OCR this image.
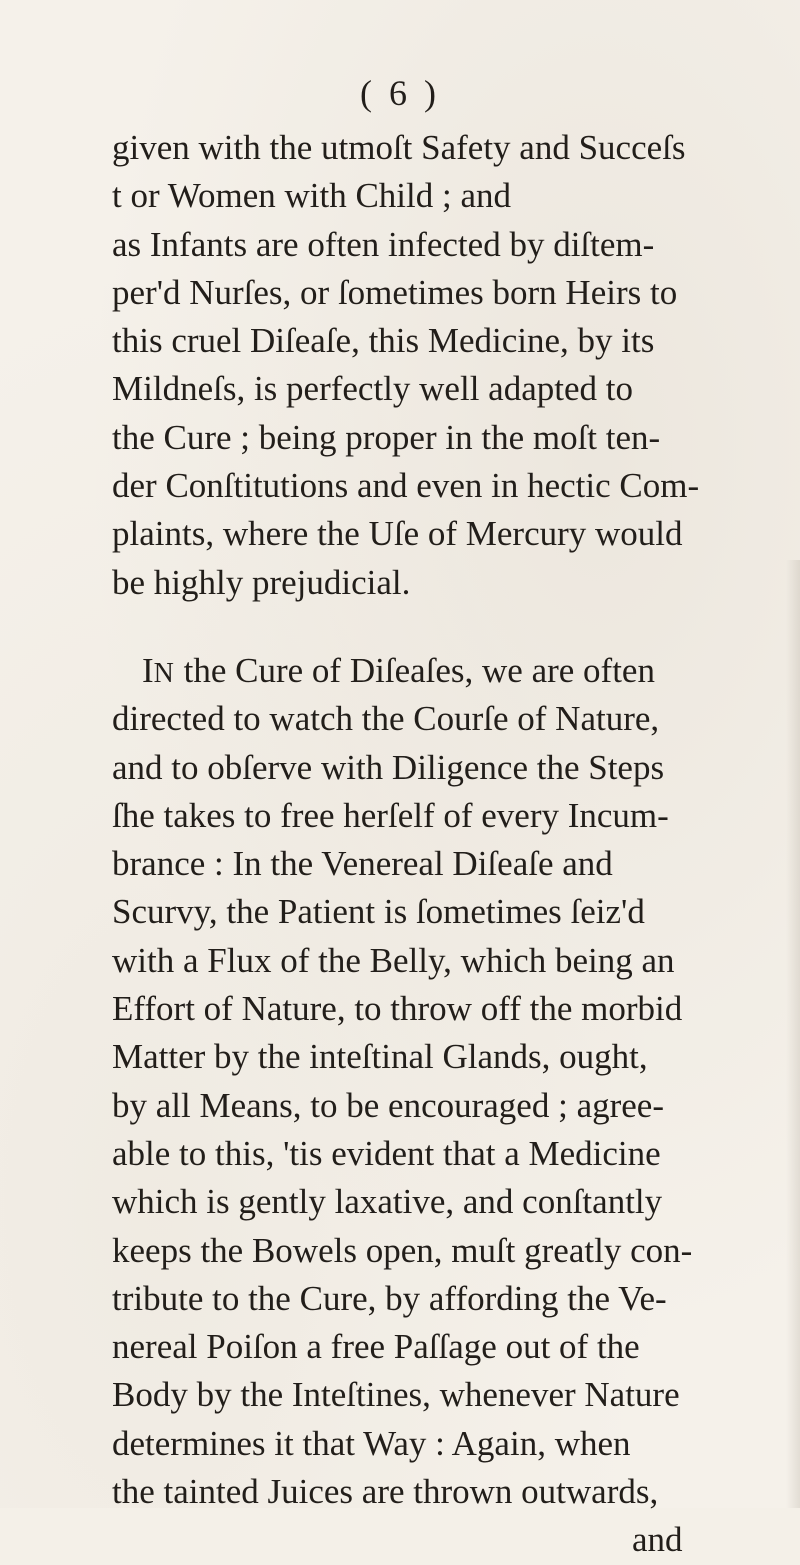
( 6 )
given with the utmoſt Safety and Succeſs
t or Women with Child ; and
as Infants are often infected by diſtem-
per'd Nurſes, or ſometimes born Heirs to
this cruel Diſeaſe, this Medicine, by its
Mildneſs, is perfectly well adapted to
the Cure ; being proper in the moſt ten-
der Conſtitutions and even in hectic Com-
plaints, where the Uſe of Mercury would
be highly prejudicial.
IN the Cure of Diſeaſes, we are often
directed to watch the Courſe of Nature,
and to obſerve with Diligence the Steps
ſhe takes to free herſelf of every Incum-
brance : In the Venereal Diſeaſe and
Scurvy, the Patient is ſometimes ſeiz'd
with a Flux of the Belly, which being an
Effort of Nature, to throw off the morbid
Matter by the inteſtinal Glands, ought,
by all Means, to be encouraged ; agree-
able to this, 'tis evident that a Medicine
which is gently laxative, and conſtantly
keeps the Bowels open, muſt greatly con-
tribute to the Cure, by affording the Ve-
nereal Poiſon a free Paſſage out of the
Body by the Inteſtines, whenever Nature
determines it that Way : Again, when
the tainted Juices are thrown outwards,
and
